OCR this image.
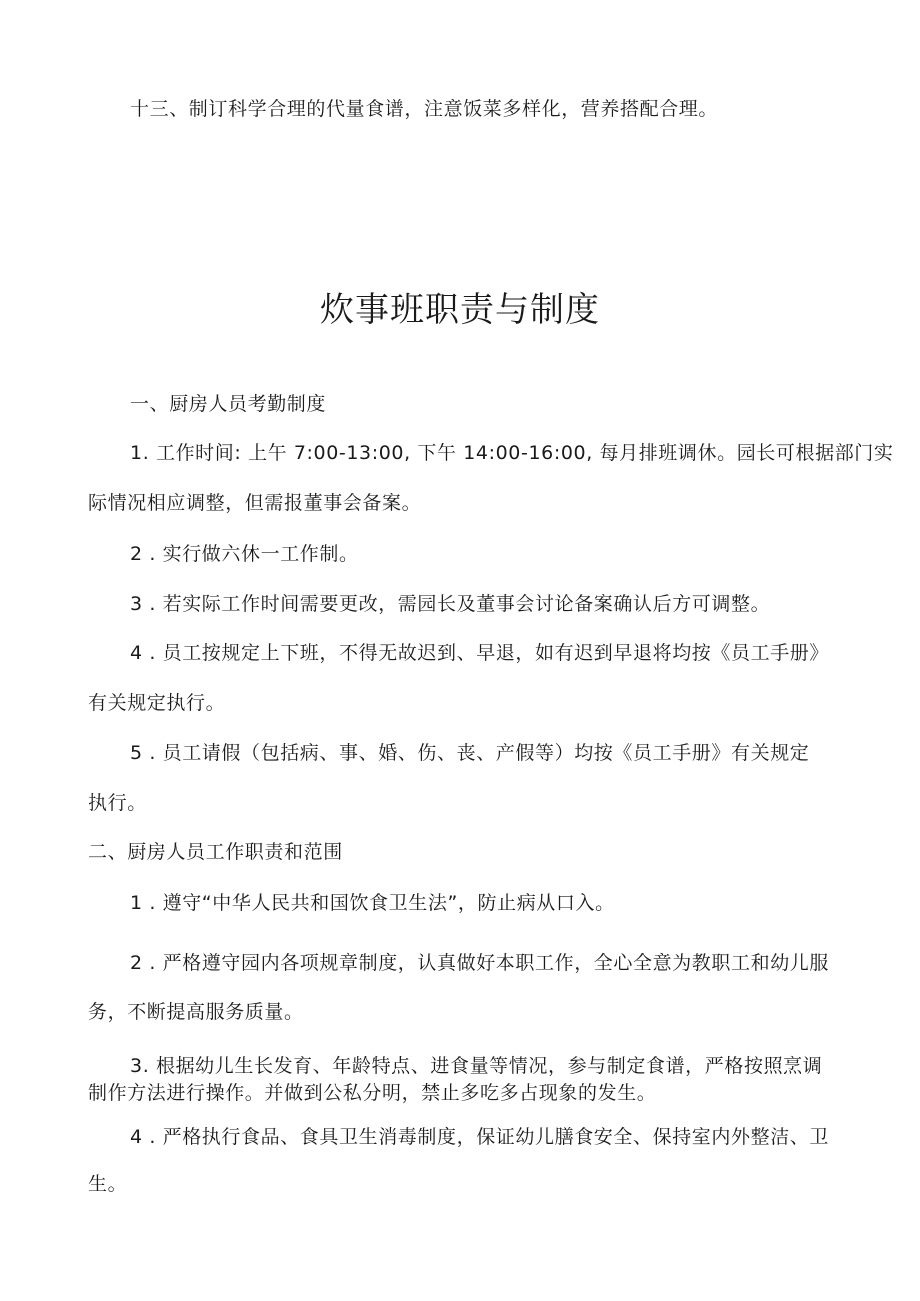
十三、制订科学合理的代量食谱，注意饭菜多样化，营养搭配合理。
炊事班职责与制度
一、厨房人员考勤制度
1. 工作时间: 上午 7:00-13:00, 下午 14:00-16:00, 每月排班调休。园长可根据部门实
际情况相应调整，但需报董事会备案。
2 . 实行做六休一工作制。
3 . 若实际工作时间需要更改，需园长及董事会讨论备案确认后方可调整。
4 . 员工按规定上下班，不得无故迟到、早退，如有迟到早退将均按《员工手册》
有关规定执行。
5 . 员工请假（包括病、事、婚、伤、丧、产假等）均按《员工手册》有关规定
执行。
二、厨房人员工作职责和范围
1 . 遵守“中华人民共和国饮食卫生法”，防止病从口入。
2 . 严格遵守园内各项规章制度，认真做好本职工作，全心全意为教职工和幼儿服
务，不断提高服务质量。
3. 根据幼儿生长发育、年龄特点、进食量等情况，参与制定食谱，严格按照烹调
制作方法进行操作。并做到公私分明，禁止多吃多占现象的发生。
4 . 严格执行食品、食具卫生消毒制度，保证幼儿膳食安全、保持室内外整洁、卫
生。
